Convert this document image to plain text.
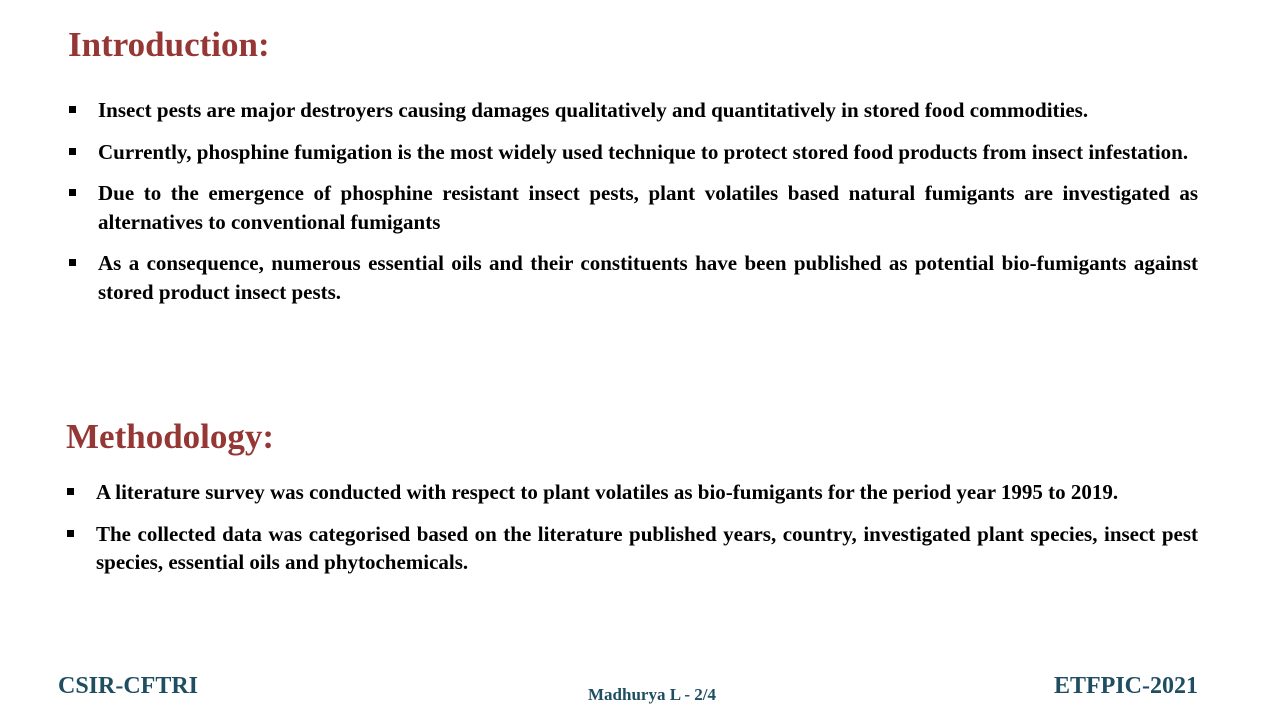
Introduction:
Insect pests are major destroyers causing damages qualitatively and quantitatively in stored food commodities.
Currently, phosphine fumigation is the most widely used technique to protect stored food products from insect infestation.
Due to the emergence of phosphine resistant insect pests, plant volatiles based natural fumigants are investigated as alternatives to conventional fumigants
As a consequence, numerous essential oils and their constituents have been published as potential bio-fumigants against stored product insect pests.
Methodology:
A literature survey was conducted with respect to plant volatiles as bio-fumigants for the period year 1995 to 2019.
The collected data was categorised based on the literature published years, country, investigated plant species, insect pest species, essential oils and phytochemicals.
CSIR-CFTRI	Madhurya L - 2/4	ETFPIC-2021
